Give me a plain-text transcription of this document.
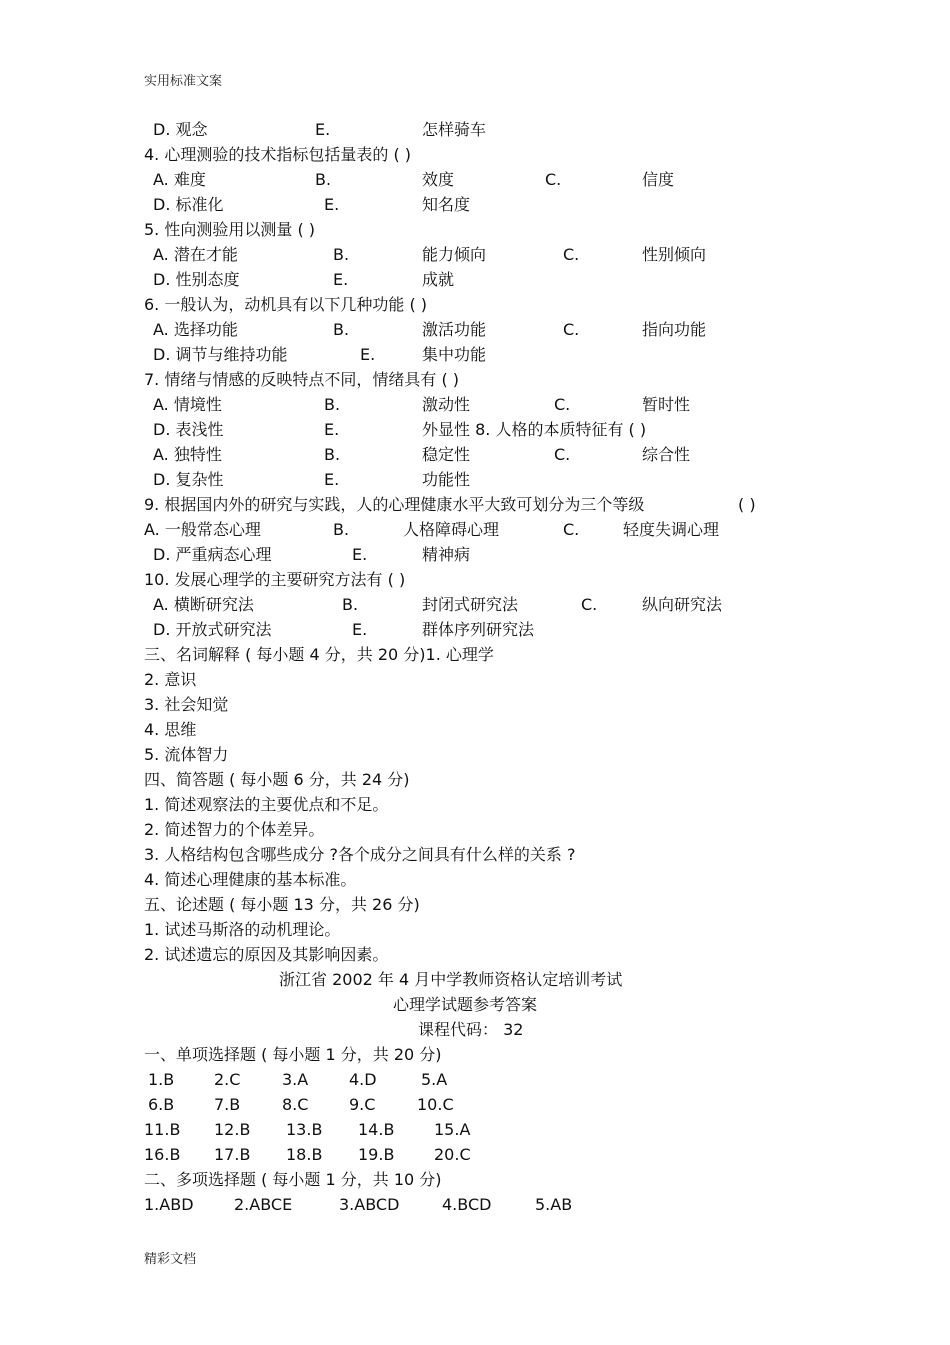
实用标准文案
D. 观念	E.	怎样骑车
4. 心理测验的技术指标包括量表的 ( )
A. 难度	B.	效度	C.	信度
D. 标准化	E.	知名度
5. 性向测验用以测量 ( )
A. 潜在才能	B.	能力倾向	C.	性别倾向
D. 性别态度	E.	成就
6. 一般认为，动机具有以下几种功能 ( )
A. 选择功能	B.	激活功能	C.	指向功能
D. 调节与维持功能	E.	集中功能
7. 情绪与情感的反映特点不同，情绪具有 ( )
A. 情境性	B.	激动性	C.	暂时性
D. 表浅性	E.	外显性 8. 人格的本质特征有 ( )
A. 独特性	B.	稳定性	C.	综合性
D. 复杂性	E.	功能性
9. 根据国内外的研究与实践，人的心理健康水平大致可划分为三个等级	( )
A. 一般常态心理	B.	人格障碍心理	C.	轻度失调心理
D. 严重病态心理	E.	精神病
10. 发展心理学的主要研究方法有 ( )
A. 横断研究法	B.	封闭式研究法	C.	纵向研究法
D. 开放式研究法	E.	群体序列研究法
三、名词解释 ( 每小题 4 分，共 20 分)1. 心理学
2. 意识
3. 社会知觉
4. 思维
5. 流体智力
四、简答题 ( 每小题 6 分，共 24 分)
1. 简述观察法的主要优点和不足。
2. 简述智力的个体差异。
3. 人格结构包含哪些成分 ?各个成分之间具有什么样的关系 ?
4. 简述心理健康的基本标准。
五、论述题 ( 每小题 13 分，共 26 分)
1. 试述马斯洛的动机理论。
2. 试述遗忘的原因及其影响因素。
浙江省 2002 年 4 月中学教师资格认定培训考试
心理学试题参考答案
课程代码： 32
一、单项选择题 ( 每小题 1 分，共 20 分)
1.B 2.C	3.A	4.D	5.A
6.B 7.B	8.C	9.C	10.C
11.B 12.B 13.B 14.B 15.A
16.B 17.B 18.B 19.B 20.C
二、多项选择题 ( 每小题 1 分，共 10 分)
1.ABD	2.ABCE	3.ABCD	4.BCD	5.AB
精彩文档
